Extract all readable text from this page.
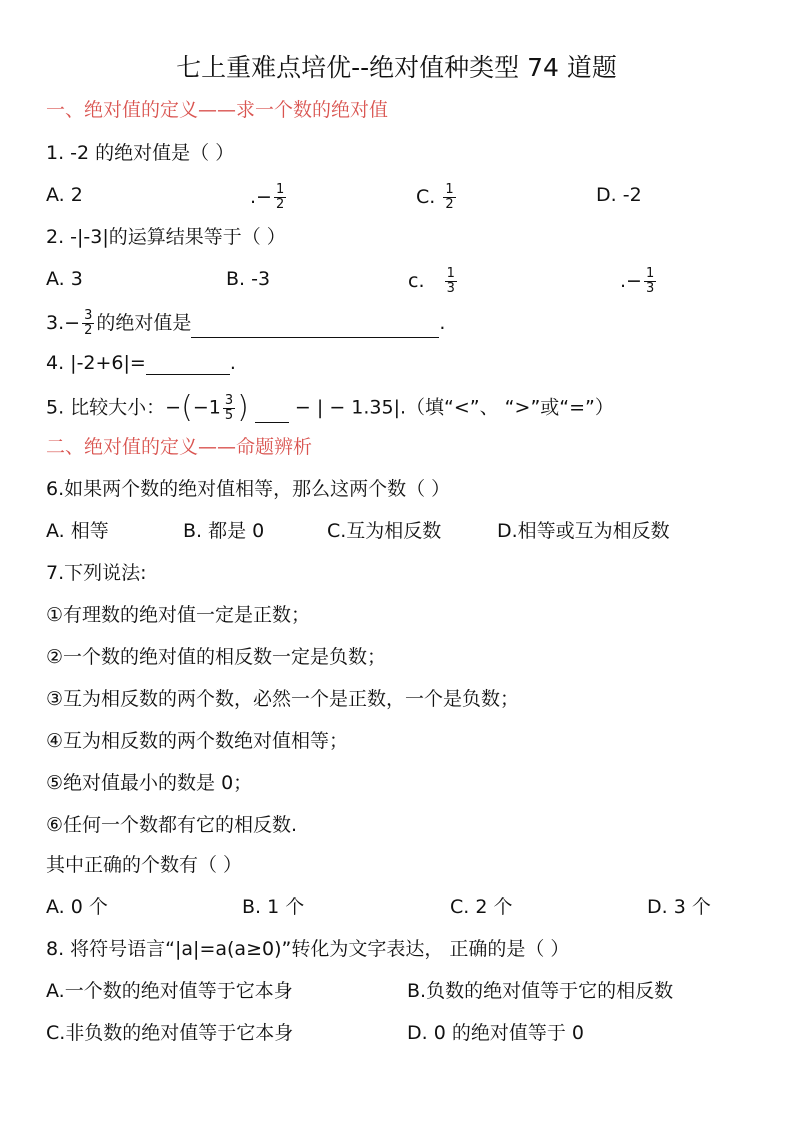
七上重难点培优--绝对值种类型 74 道题
一、绝对值的定义——求一个数的绝对值
1. -2 的绝对值是（ ）
A. 2	.− $\frac{1}{2}$	C. $\frac{1}{2}$	D. -2
2. -|-3|的运算结果等于（ ）
A. 3	B. -3	c. $\frac{1}{3}$	.− $\frac{1}{3}$
$3.- \frac{3}{2}$ 的绝对值是	.
4. |-2+6|=	.
5. 比较大小：$-(-1 \frac{3}{5}$ ) − | − 1.35|.（填“<”、 “>”或“=”）
二、绝对值的定义——命题辨析
6.如果两个数的绝对值相等，那么这两个数（ ）
A. 相等	B. 都是 0	C.互为相反数	D.相等或互为相反数
7.下列说法:
①有理数的绝对值一定是正数；
②一个数的绝对值的相反数一定是负数；
③互为相反数的两个数，必然一个是正数，一个是负数；
④互为相反数的两个数绝对值相等；
⑤绝对值最小的数是 0；
⑥任何一个数都有它的相反数.
其中正确的个数有（ ）
A. 0 个	B. 1 个	C. 2 个	D. 3 个
8. 将符号语言“|a|=a(a≥0)”转化为文字表达， 正确的是（ ）
A.一个数的绝对值等于它本身	B.负数的绝对值等于它的相反数
C.非负数的绝对值等于它本身	D. 0 的绝对值等于 0
